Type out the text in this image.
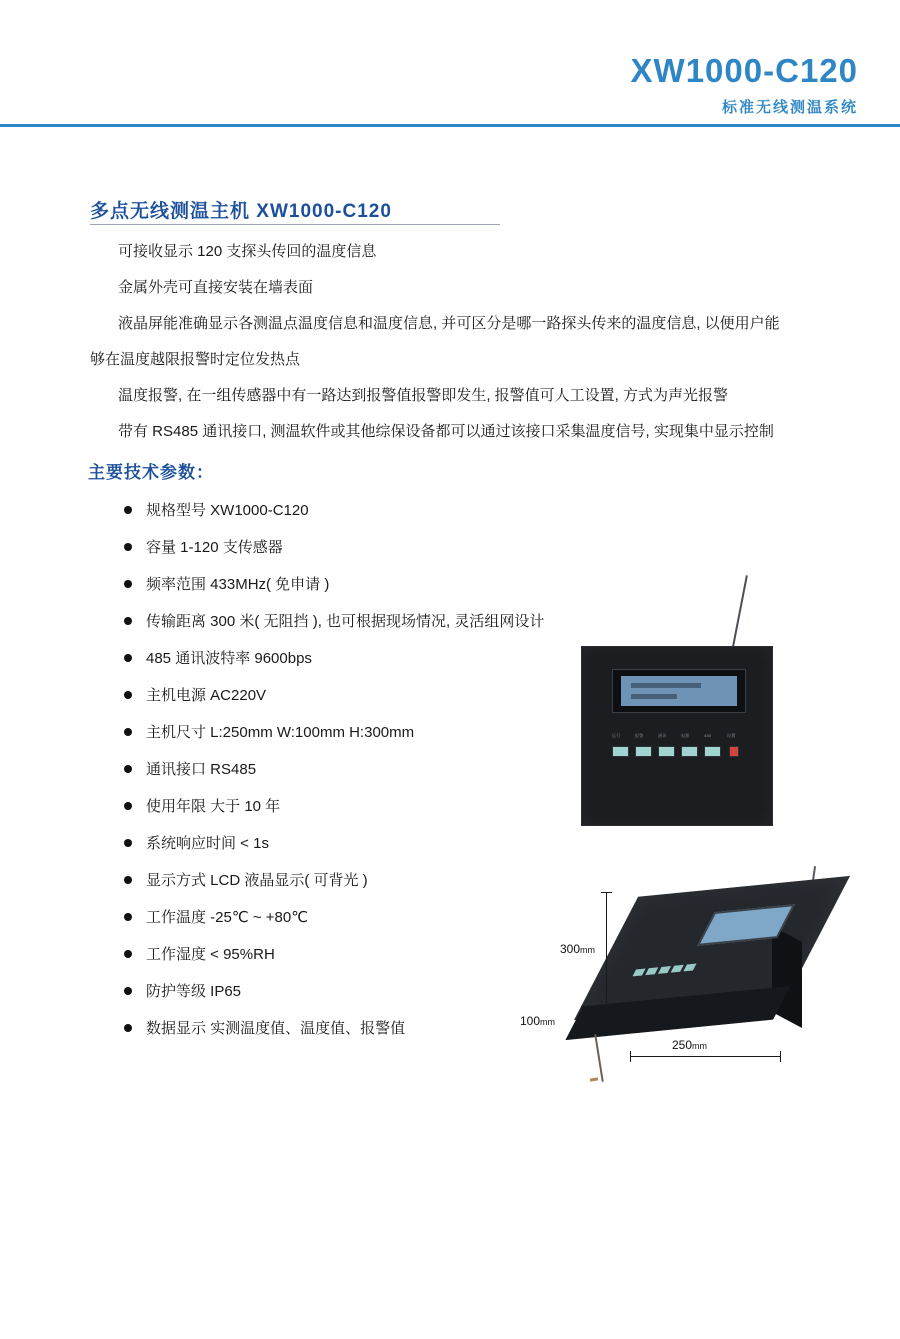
XW1000-C120
标准无线测温系统
多点无线测温主机 XW1000-C120

可接收显示 120 支探头传回的温度信息

金属外壳可直接安装在墙表面

液晶屏能准确显示各测温点温度信息和温度信息, 并可区分是哪一路探头传来的温度信息, 以便用户能

够在温度越限报警时定位发热点

温度报警, 在一组传感器中有一路达到报警值报警即发生, 报警值可人工设置, 方式为声光报警

带有 RS485 通讯接口, 测温软件或其他综保设备都可以通过该接口采集温度信号, 实现集中显示控制

主要技术参数：
规格型号 XW1000-C120
容量 1-120 支传感器
频率范围 433MHz( 免申请 )
传输距离 300 米( 无阻挡 ), 也可根据现场情况, 灵活组网设计
485 通讯波特率 9600bps
主机电源 AC220V
主机尺寸 L:250mm W:100mm H:300mm
通讯接口 RS485
使用年限 大于 10 年
系统响应时间 < 1s
显示方式 LCD 液晶显示( 可背光 )
工作温度 -25℃ ~ +80℃
工作湿度 < 95%RH
防护等级 IP65
数据显示 实测温度值、温度值、报警值
运行	报警	通讯	电源	485	设置
300mm
100mm
250mm
